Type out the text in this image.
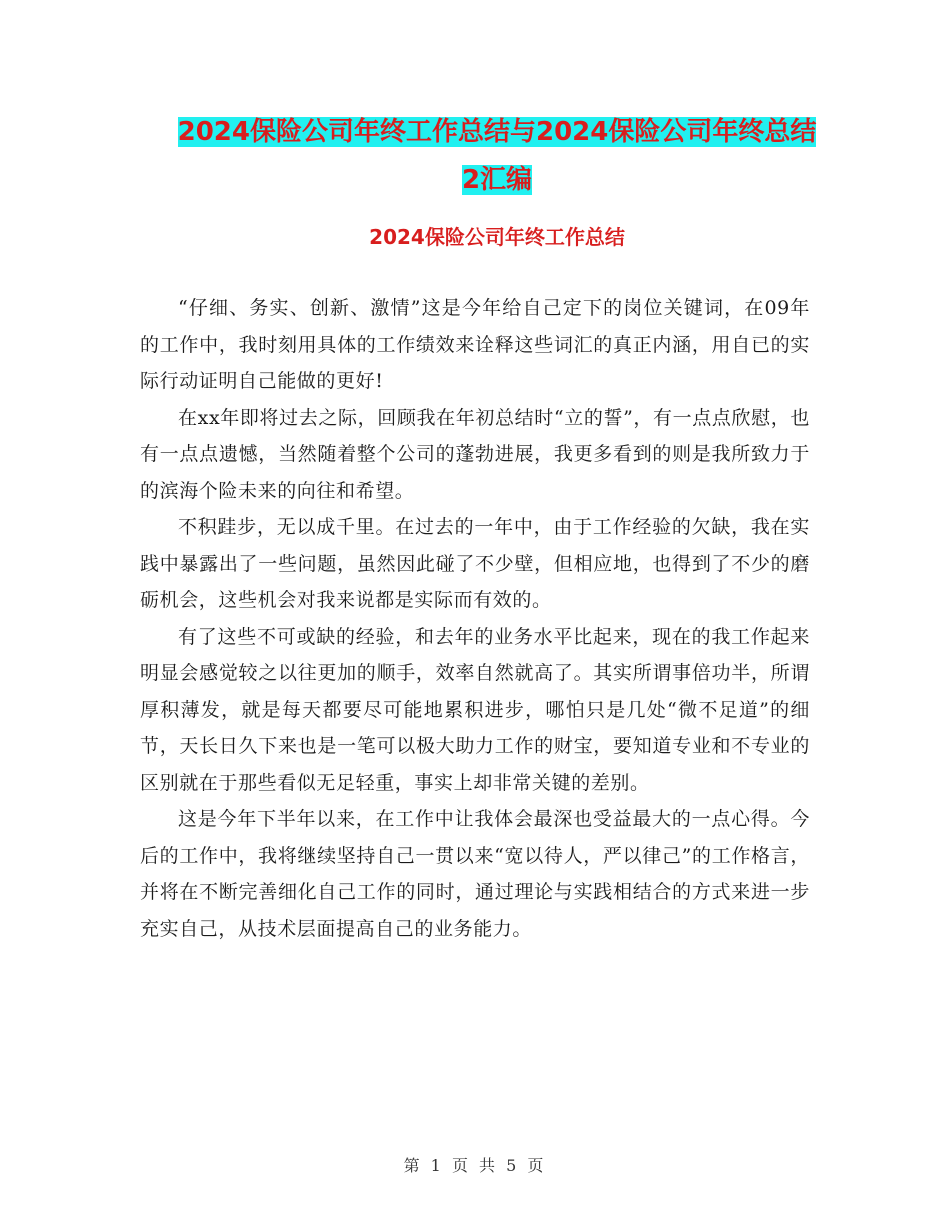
2024保险公司年终工作总结与2024保险公司年终总结
2汇编
2024保险公司年终工作总结

“仔细、务实、创新、激情”这是今年给自己定下的岗位关键词，在09年的工作中，我时刻用具体的工作绩效来诠释这些词汇的真正内涵，用自已的实际行动证明自己能做的更好!

在xx年即将过去之际，回顾我在年初总结时“立的誓”，有一点点欣慰，也有一点点遗憾，当然随着整个公司的蓬勃进展，我更多看到的则是我所致力于的滨海个险未来的向往和希望。

不积跬步，无以成千里。在过去的一年中，由于工作经验的欠缺，我在实践中暴露出了一些问题，虽然因此碰了不少壁，但相应地，也得到了不少的磨砺机会，这些机会对我来说都是实际而有效的。

有了这些不可或缺的经验，和去年的业务水平比起来，现在的我工作起来明显会感觉较之以往更加的顺手，效率自然就高了。其实所谓事倍功半，所谓厚积薄发，就是每天都要尽可能地累积进步，哪怕只是几处“微不足道”的细节，天长日久下来也是一笔可以极大助力工作的财宝，要知道专业和不专业的区别就在于那些看似无足轻重，事实上却非常关键的差别。

这是今年下半年以来，在工作中让我体会最深也受益最大的一点心得。今后的工作中，我将继续坚持自己一贯以来“宽以待人，严以律己”的工作格言，并将在不断完善细化自己工作的同时，通过理论与实践相结合的方式来进一步充实自己，从技术层面提高自己的业务能力。

第 1 页 共 5 页
